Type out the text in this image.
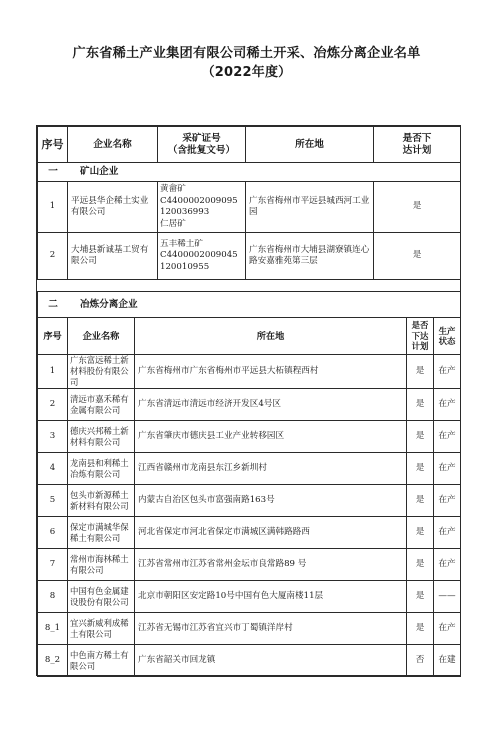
广东省稀土产业集团有限公司稀土开采、冶炼分离企业名单
（2022年度）
序号	企业名称	采矿证号
（含批复文号）	所在地	是否下
达计划
一 矿山企业				
1	平远县华企稀土实业有限公司	黄畲矿
C4400002009095120036993
仁居矿	广东省梅州市平远县城西河工业园	是
2	大埔县新诚基工贸有限公司	五丰稀土矿
C4400002009045120010955	广东省梅州市大埔县湖寮镇连心路安嘉雅苑第三层	是
二 冶炼分离企业				
序号	企业名称	所在地	是否
下达
计划	生产
状态
1	广东富远稀土新材料股份有限公司	广东省梅州市广东省梅州市平远县大柘镇程西村	是	在产
2	清远市嘉禾稀有金属有限公司	广东省清远市清远市经济开发区4号区	是	在产
3	德庆兴邦稀土新材料有限公司	广东省肇庆市德庆县工业产业转移园区	是	在产
4	龙南县和利稀土冶炼有限公司	江西省赣州市龙南县东江乡新圳村	是	在产
5	包头市新源稀土新材料有限公司	内蒙古自治区包头市富强南路163号	是	在产
6	保定市满城华保稀土有限公司	河北省保定市河北省保定市满城区满韩路路西	是	在产
7	常州市海林稀土有限公司	江苏省常州市江苏省常州金坛市良常路89 号	是	在产
8	中国有色金属建设股份有限公司	北京市朝阳区安定路10号中国有色大厦南楼11层	是	——
8_1	宜兴新威利成稀土有限公司	江苏省无锡市江苏省宜兴市丁蜀镇洋岸村	是	在产
8_2	中色南方稀土有限公司	广东省韶关市回龙镇	否	在建
